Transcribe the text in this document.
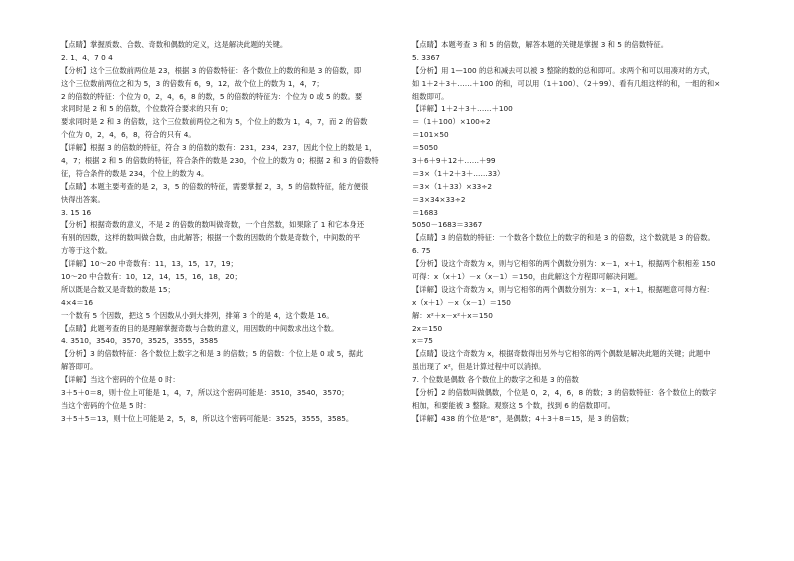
【点睛】掌握质数、合数、奇数和偶数的定义，这是解决此题的关键。
2. 1、4、7 0 4
【分析】这个三位数前两位是 23，根据 3 的倍数特征：各个数位上的数的和是 3 的倍数，即
这个三位数前两位之和为 5，3 的倍数有 6，9，12，故个位上的数为 1，4，7；
2 的倍数的特征：个位为 0，2，4，6，8 的数，5 的倍数的特征为：个位为 0 或 5 的数。要
求同时是 2 和 5 的倍数，个位数符合要求的只有 0；
要求同时是 2 和 3 的倍数，这个三位数前两位之和为 5，个位上的数为 1，4，7，而 2 的倍数
个位为 0，2，4，6，8，符合的只有 4。
【详解】根据 3 的倍数的特征，符合 3 的倍数的数有：231，234，237，因此个位上的数是 1，
4，7；根据 2 和 5 的倍数的特征，符合条件的数是 230，个位上的数为 0；根据 2 和 3 的倍数特
征，符合条件的数是 234，个位上的数为 4。
【点睛】本题主要考查的是 2，3，5 的倍数的特征，需要掌握 2，3，5 的倍数特征，能方便很
快得出答案。
3. 15 16
【分析】根据奇数的意义，不是 2 的倍数的数叫做奇数，一个自然数，如果除了 1 和它本身还
有别的因数，这样的数叫做合数，由此解答；根据一个数的因数的个数是奇数个，中间数的平
方等于这个数。
【详解】10～20 中奇数有：11，13，15，17，19；
10～20 中合数有：10，12，14，15，16，18，20；
所以既是合数又是奇数的数是 15；
4×4＝16
一个数有 5 个因数，把这 5 个因数从小到大排列，排第 3 个的是 4，这个数是 16。
【点睛】此题考查的目的是理解掌握奇数与合数的意义，用因数的中间数求出这个数。
4. 3510，3540，3570，3525，3555，3585
【分析】3 的倍数特征：各个数位上数字之和是 3 的倍数；5 的倍数：个位上是 0 或 5，据此
解答即可。
【详解】当这个密码的个位是 0 时：
3＋5＋0＝8，则十位上可能是 1，4，7，所以这个密码可能是：3510，3540，3570；
当这个密码的个位是 5 时：
3＋5＋5＝13，则十位上可能是 2，5，8，所以这个密码可能是：3525，3555，3585。
【点睛】本题考查 3 和 5 的倍数，解答本题的关键是掌握 3 和 5 的倍数特征。
5. 3367
【分析】用 1—100 的总和减去可以被 3 整除的数的总和即可。求两个和可以用凑对的方式，
如 1＋2＋3＋……＋100 的和，可以用（1＋100）、（2＋99）、看有几组这样的和，一组的和×
组数即可。
【详解】1＋2＋3＋……＋100
＝（1＋100）×100÷2
＝101×50
＝5050
3＋6＋9＋12＋……＋99
＝3×（1＋2＋3＋……33）
＝3×（1＋33）×33÷2
＝3×34×33÷2
＝1683
5050－1683＝3367
【点睛】3 的倍数的特征：一个数各个数位上的数字的和是 3 的倍数，这个数就是 3 的倍数。
6. 75
【分析】设这个奇数为 x，则与它相邻的两个偶数分别为：x－1，x＋1，根据两个积相差 150
可得：x（x＋1）－x（x－1）＝150，由此解这个方程即可解决问题。
【详解】设这个奇数为 x，则与它相邻的两个偶数分别为：x－1，x＋1，根据题意可得方程：
x（x＋1）－x（x－1）＝150
解：x²＋x－x²＋x＝150
2x＝150
x＝75
【点睛】设这个奇数为 x，根据奇数得出另外与它相邻的两个偶数是解决此题的关键；此题中
虽出现了 x²，但是计算过程中可以消掉。
7. 个位数是偶数 各个数位上的数字之和是 3 的倍数
【分析】2 的倍数叫做偶数，个位是 0，2，4，6，8 的数；3 的倍数特征：各个数位上的数字
相加，和要能被 3 整除。观察这 5 个数，找到 6 的倍数即可。
【详解】438 的个位是“8”，是偶数；4＋3＋8＝15，是 3 的倍数；
